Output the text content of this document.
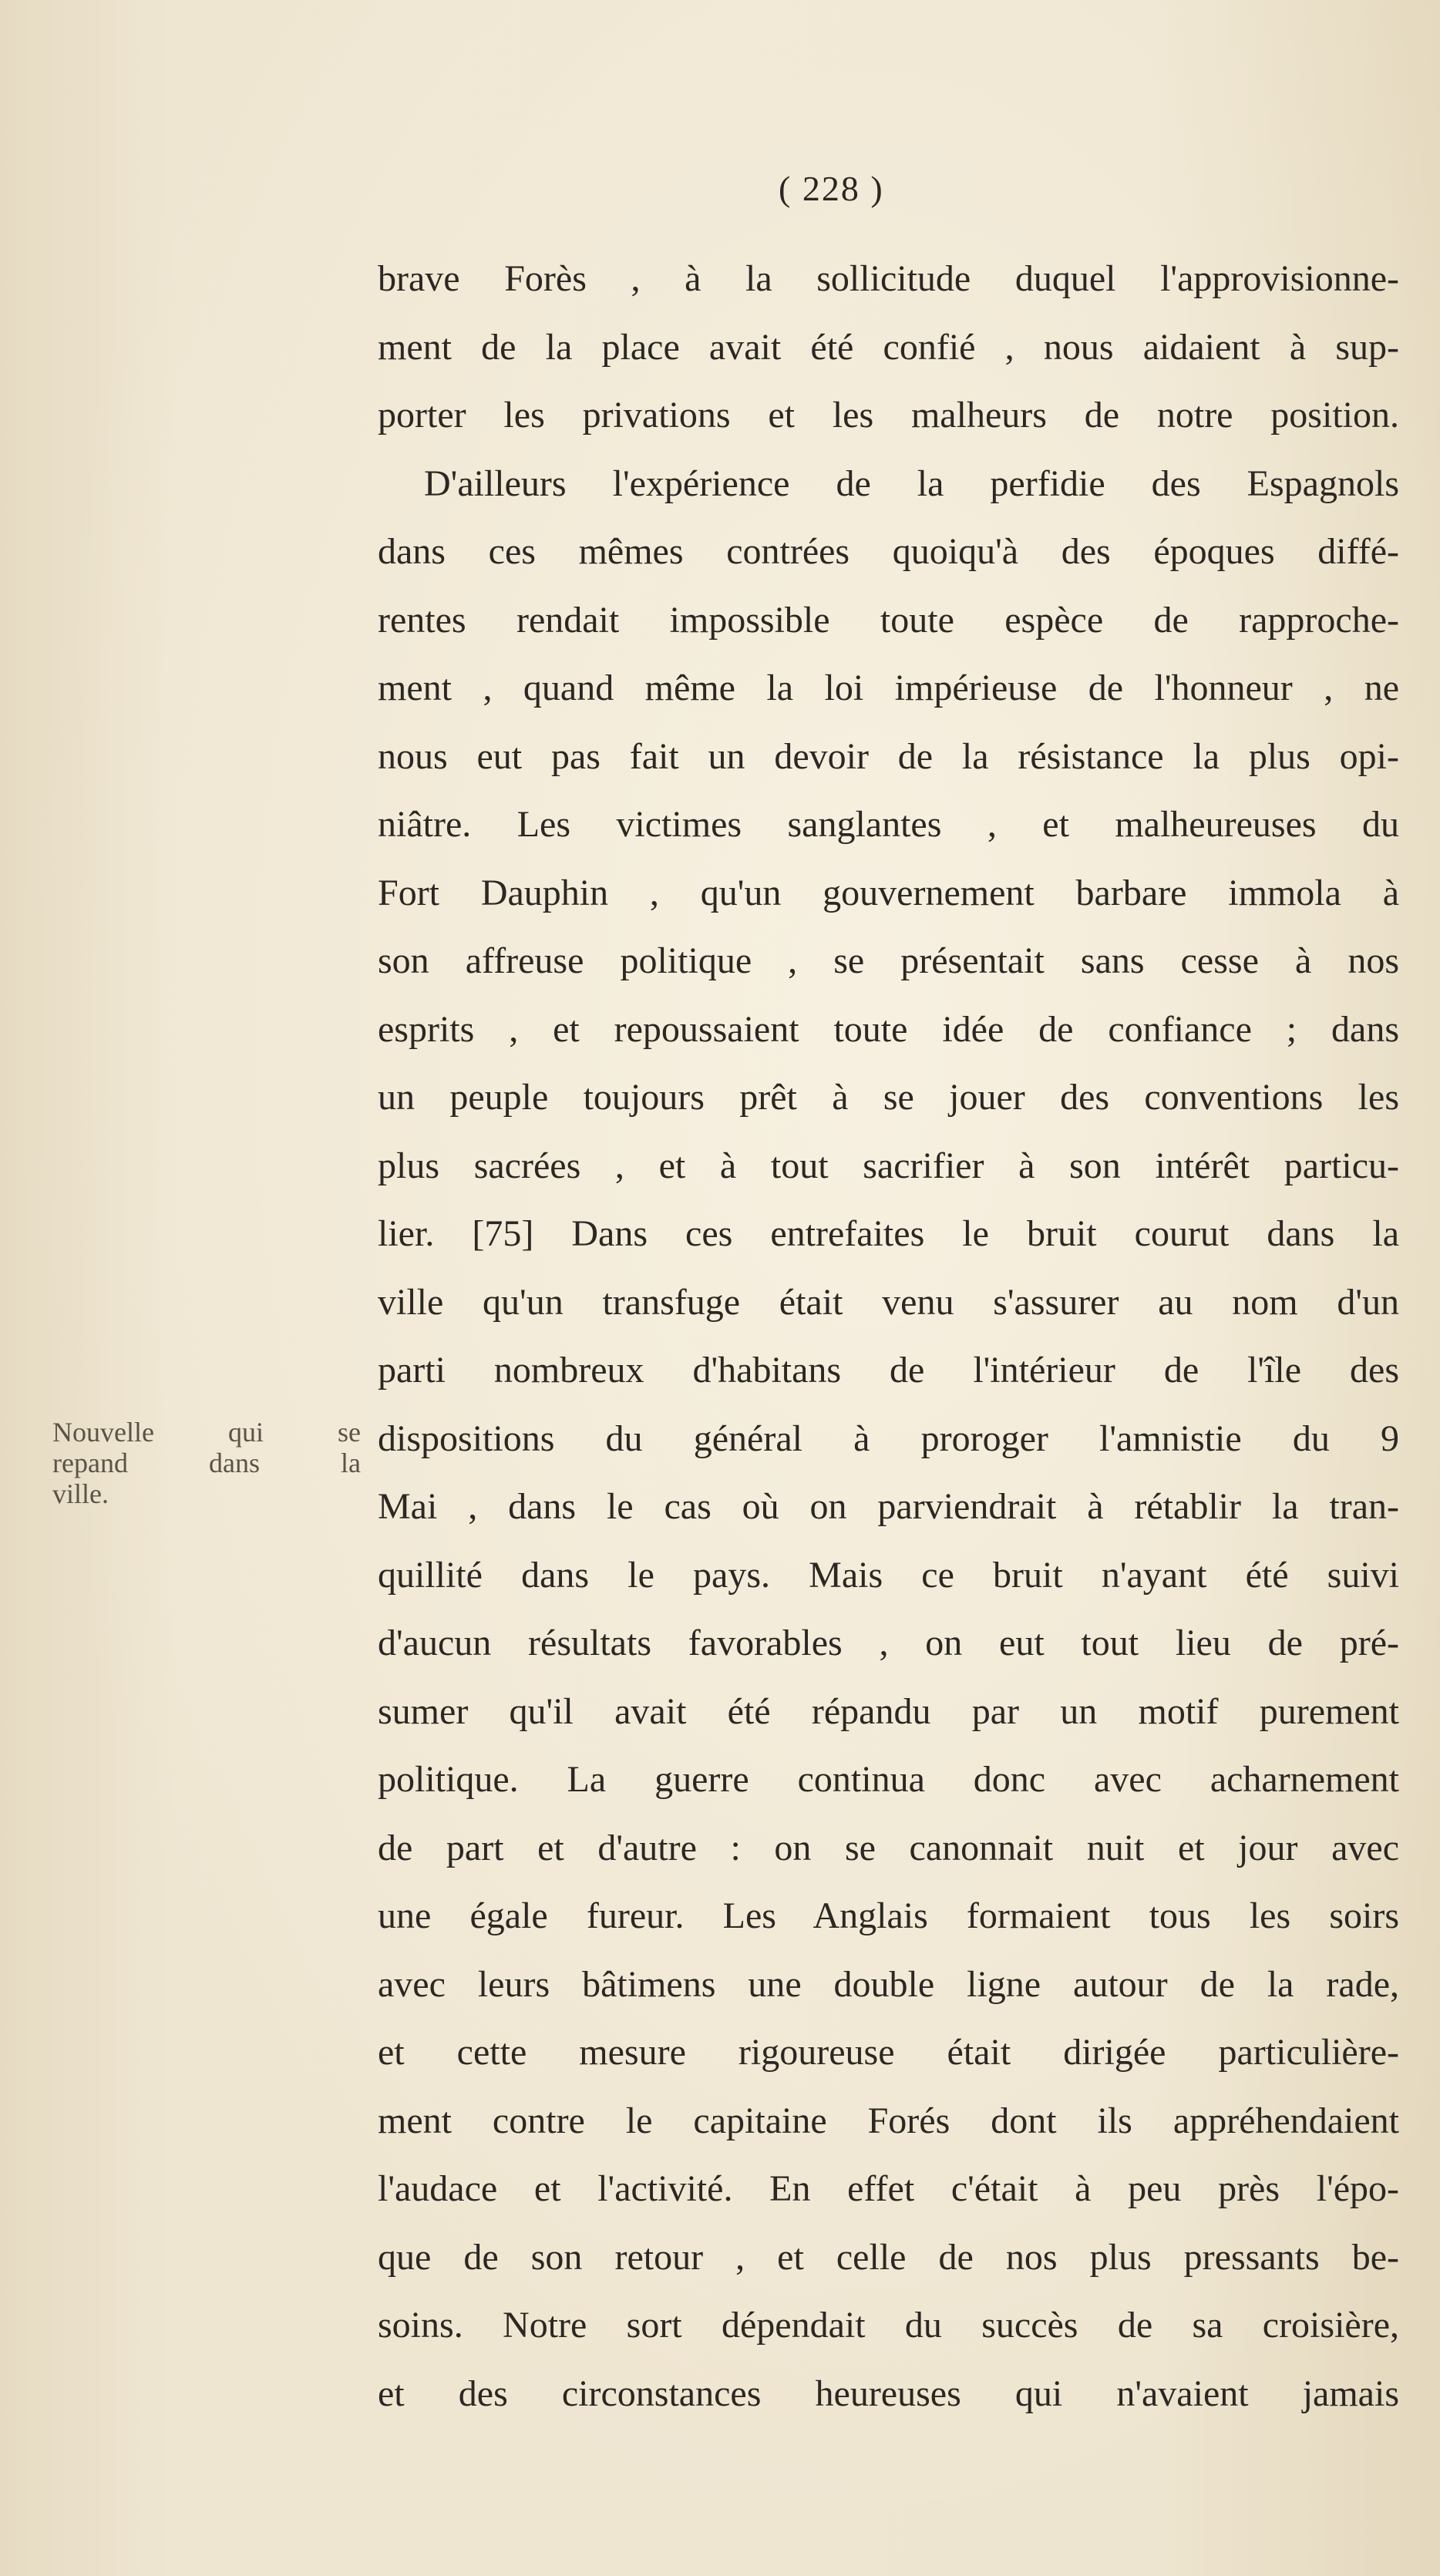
( 228 )
brave Forès , à la sollicitude duquel l'approvisionne-
ment de la place avait été confié , nous aidaient à sup-
porter les privations et les malheurs de notre position.
D'ailleurs l'expérience de la perfidie des Espagnols
dans ces mêmes contrées quoiqu'à des époques diffé-
rentes rendait impossible toute espèce de rapproche-
ment , quand même la loi impérieuse de l'honneur , ne
nous eut pas fait un devoir de la résistance la plus opi-
niâtre. Les victimes sanglantes , et malheureuses du
Fort Dauphin , qu'un gouvernement barbare immola à
son affreuse politique , se présentait sans cesse à nos
esprits , et repoussaient toute idée de confiance ; dans
un peuple toujours prêt à se jouer des conventions les
plus sacrées , et à tout sacrifier à son intérêt particu-
lier. [75] Dans ces entrefaites le bruit courut dans la
ville qu'un transfuge était venu s'assurer au nom d'un
parti nombreux d'habitans de l'intérieur de l'île des
dispositions du général à proroger l'amnistie du 9
Mai , dans le cas où on parviendrait à rétablir la tran-
quillité dans le pays. Mais ce bruit n'ayant été suivi
d'aucun résultats favorables , on eut tout lieu de pré-
sumer qu'il avait été répandu par un motif purement
politique. La guerre continua donc avec acharnement
de part et d'autre : on se canonnait nuit et jour avec
une égale fureur. Les Anglais formaient tous les soirs
avec leurs bâtimens une double ligne autour de la rade,
et cette mesure rigoureuse était dirigée particulière-
ment contre le capitaine Forés dont ils appréhendaient
l'audace et l'activité. En effet c'était à peu près l'épo-
que de son retour , et celle de nos plus pressants be-
soins. Notre sort dépendait du succès de sa croisière,
et des circonstances heureuses qui n'avaient jamais
Nouvelle qui se
repand dans la
ville.
